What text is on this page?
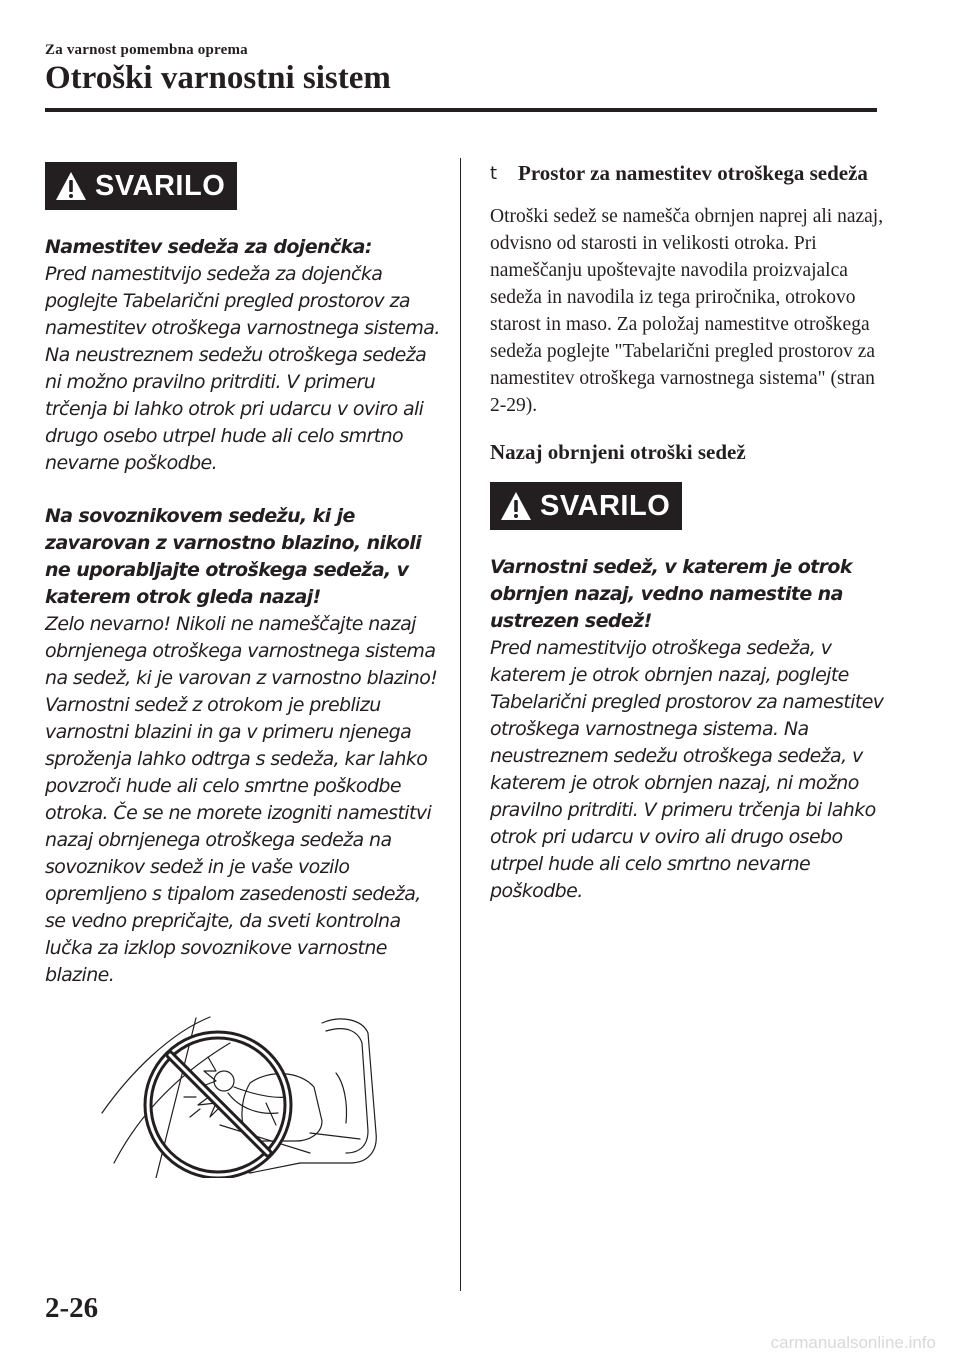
Za varnost pomembna oprema
Otroški varnostni sistem
SVARILO

Namestitev sedeža za dojenčka:

Pred namestitvijo sedeža za dojenčka poglejte Tabelarični pregled prostorov za namestitev otroškega varnostnega sistema. Na neustreznem sedežu otroškega sedeža ni možno pravilno pritrditi. V primeru trčenja bi lahko otrok pri udarcu v oviro ali drugo osebo utrpel hude ali celo smrtno nevarne poškodbe.

Na sovoznikovem sedežu, ki je zavarovan z varnostno blazino, nikoli ne uporabljajte otroškega sedeža, v katerem otrok gleda nazaj!

Zelo nevarno! Nikoli ne nameščajte nazaj obrnjenega otroškega varnostnega sistema na sedež, ki je varovan z varnostno blazino!
Varnostni sedež z otrokom je preblizu varnostni blazini in ga v primeru njenega sproženja lahko odtrga s sedeža, kar lahko povzroči hude ali celo smrtne poškodbe otroka. Če se ne morete izogniti namestitvi nazaj obrnjenega otroškega sedeža na sovoznikov sedež in je vaše vozilo opremljeno s tipalom zasedenosti sedeža, se vedno prepričajte, da sveti kontrolna lučka za izklop sovoznikove varnostne blazine.

t Prostor za namestitev otroškega sedeža

Otroški sedež se namešča obrnjen naprej ali nazaj, odvisno od starosti in velikosti otroka. Pri nameščanju upoštevajte navodila proizvajalca sedeža in navodila iz tega priročnika, otrokovo starost in maso. Za položaj namestitve otroškega sedeža poglejte "Tabelarični pregled prostorov za namestitev otroškega varnostnega sistema" (stran 2-29).

Nazaj obrnjeni otroški sedež
SVARILO

Varnostni sedež, v katerem je otrok obrnjen nazaj, vedno namestite na ustrezen sedež!

Pred namestitvijo otroškega sedeža, v katerem je otrok obrnjen nazaj, poglejte Tabelarični pregled prostorov za namestitev otroškega varnostnega sistema. Na neustreznem sedežu otroškega sedeža, v katerem je otrok obrnjen nazaj, ni možno pravilno pritrditi. V primeru trčenja bi lahko otrok pri udarcu v oviro ali drugo osebo utrpel hude ali celo smrtno nevarne poškodbe.

2-26
carmanualsonline.info
